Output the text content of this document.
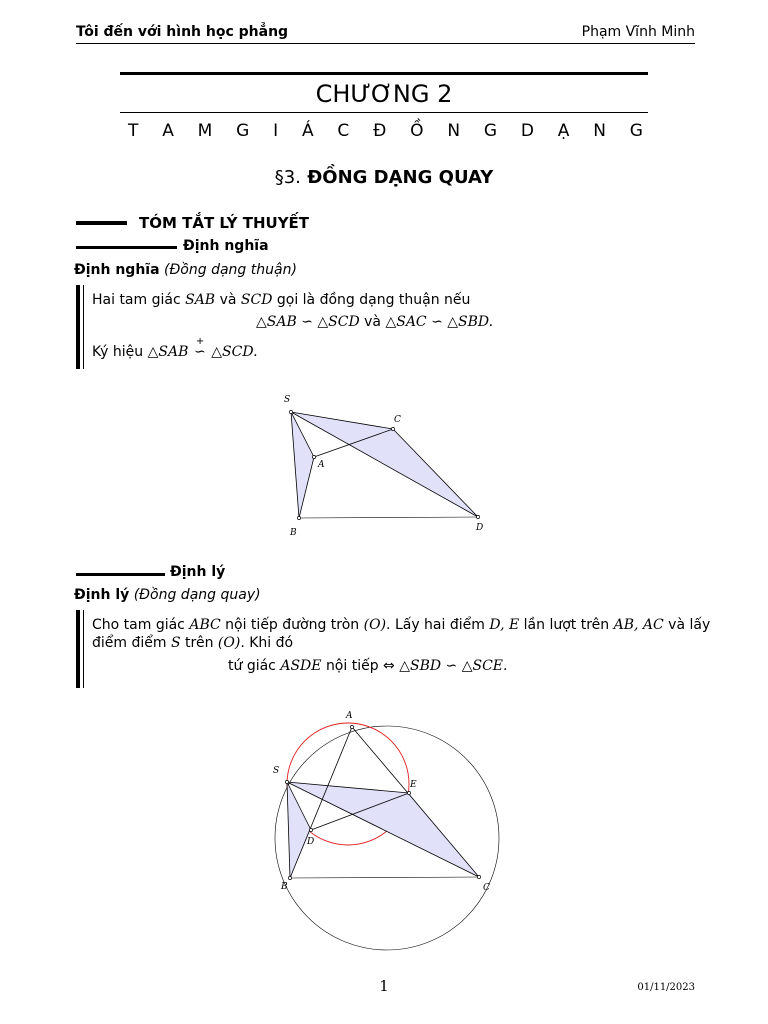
Tôi đến với hình học phẳng	Phạm Vĩnh Minh
CHƯƠNG 2
T A M G I Á C Đ Ồ N G D Ạ N G
§3. ĐỒNG DẠNG QUAY
TÓM TẮT LÝ THUYẾT
Định nghĩa
Định nghĩa (Đồng dạng thuận)
Hai tam giác SAB và SCD gọi là đồng dạng thuận nếu
△SAB ∽ △SCD và △SAC ∽ △SBD.
Ký hiệu △SAB
+
∽ △SCD.
S
C
A
B	D
Định lý
Định lý (Đồng dạng quay)
Cho tam giác ABC nội tiếp đường tròn (O). Lấy hai điểm D, E lần lượt trên AB, AC và lấy
điểm điểm S trên (O). Khi đó
tứ giác ASDE nội tiếp ⇔ △SBD ∽ △SCE.
A
S
E
D
B	C
1	01/11/2023
